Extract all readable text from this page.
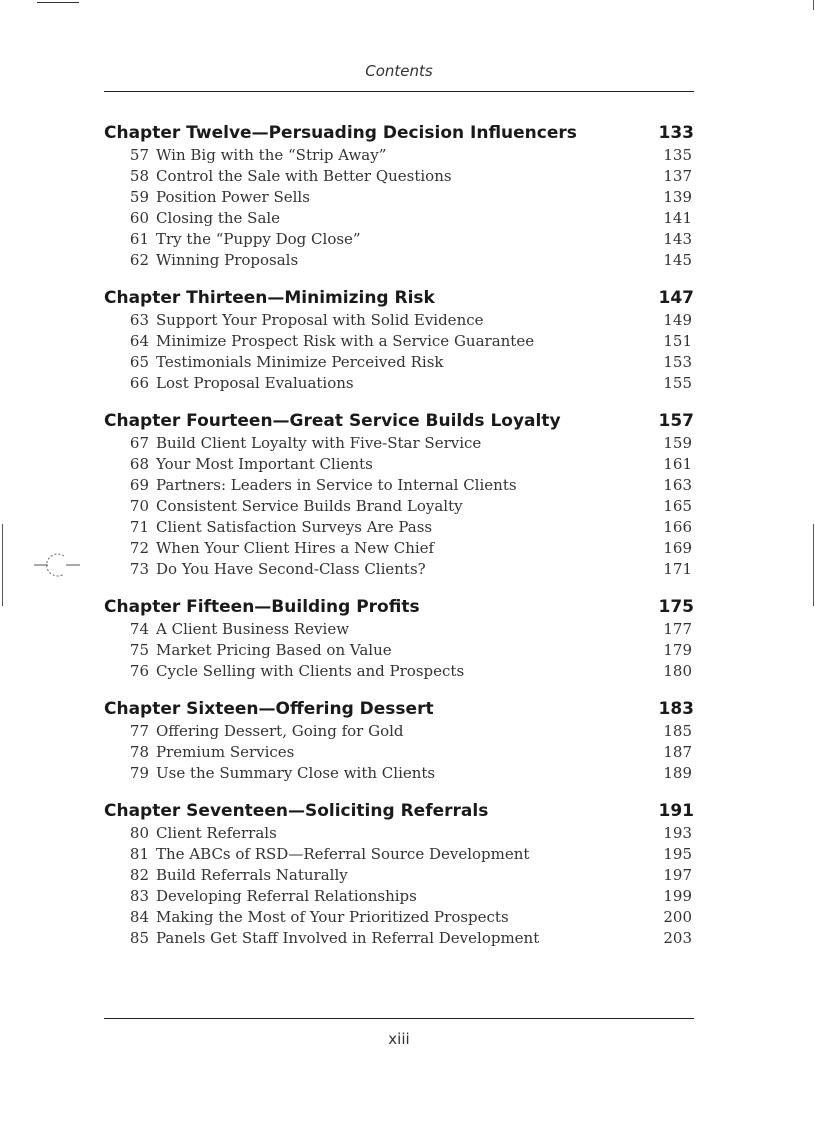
Contents
Chapter Twelve—Persuading Decision Influencers	133
57 Win Big with the “Strip Away”	135
58 Control the Sale with Better Questions	137
59 Position Power Sells	139
60 Closing the Sale	141
61 Try the “Puppy Dog Close”	143
62 Winning Proposals	145
Chapter Thirteen—Minimizing Risk	147
63 Support Your Proposal with Solid Evidence	149
64 Minimize Prospect Risk with a Service Guarantee	151
65 Testimonials Minimize Perceived Risk	153
66 Lost Proposal Evaluations	155
Chapter Fourteen—Great Service Builds Loyalty	157
67 Build Client Loyalty with Five-Star Service	159
68 Your Most Important Clients	161
69 Partners: Leaders in Service to Internal Clients	163
70 Consistent Service Builds Brand Loyalty	165
71 Client Satisfaction Surveys Are Pass	166
72 When Your Client Hires a New Chief	169
73 Do You Have Second-Class Clients?	171
Chapter Fifteen—Building Profits	175
74 A Client Business Review	177
75 Market Pricing Based on Value	179
76 Cycle Selling with Clients and Prospects	180
Chapter Sixteen—Offering Dessert	183
77 Offering Dessert, Going for Gold	185
78 Premium Services	187
79 Use the Summary Close with Clients	189
Chapter Seventeen—Soliciting Referrals	191
80 Client Referrals	193
81 The ABCs of RSD—Referral Source Development	195
82 Build Referrals Naturally	197
83 Developing Referral Relationships	199
84 Making the Most of Your Prioritized Prospects	200
85 Panels Get Staff Involved in Referral Development	203
xiii
